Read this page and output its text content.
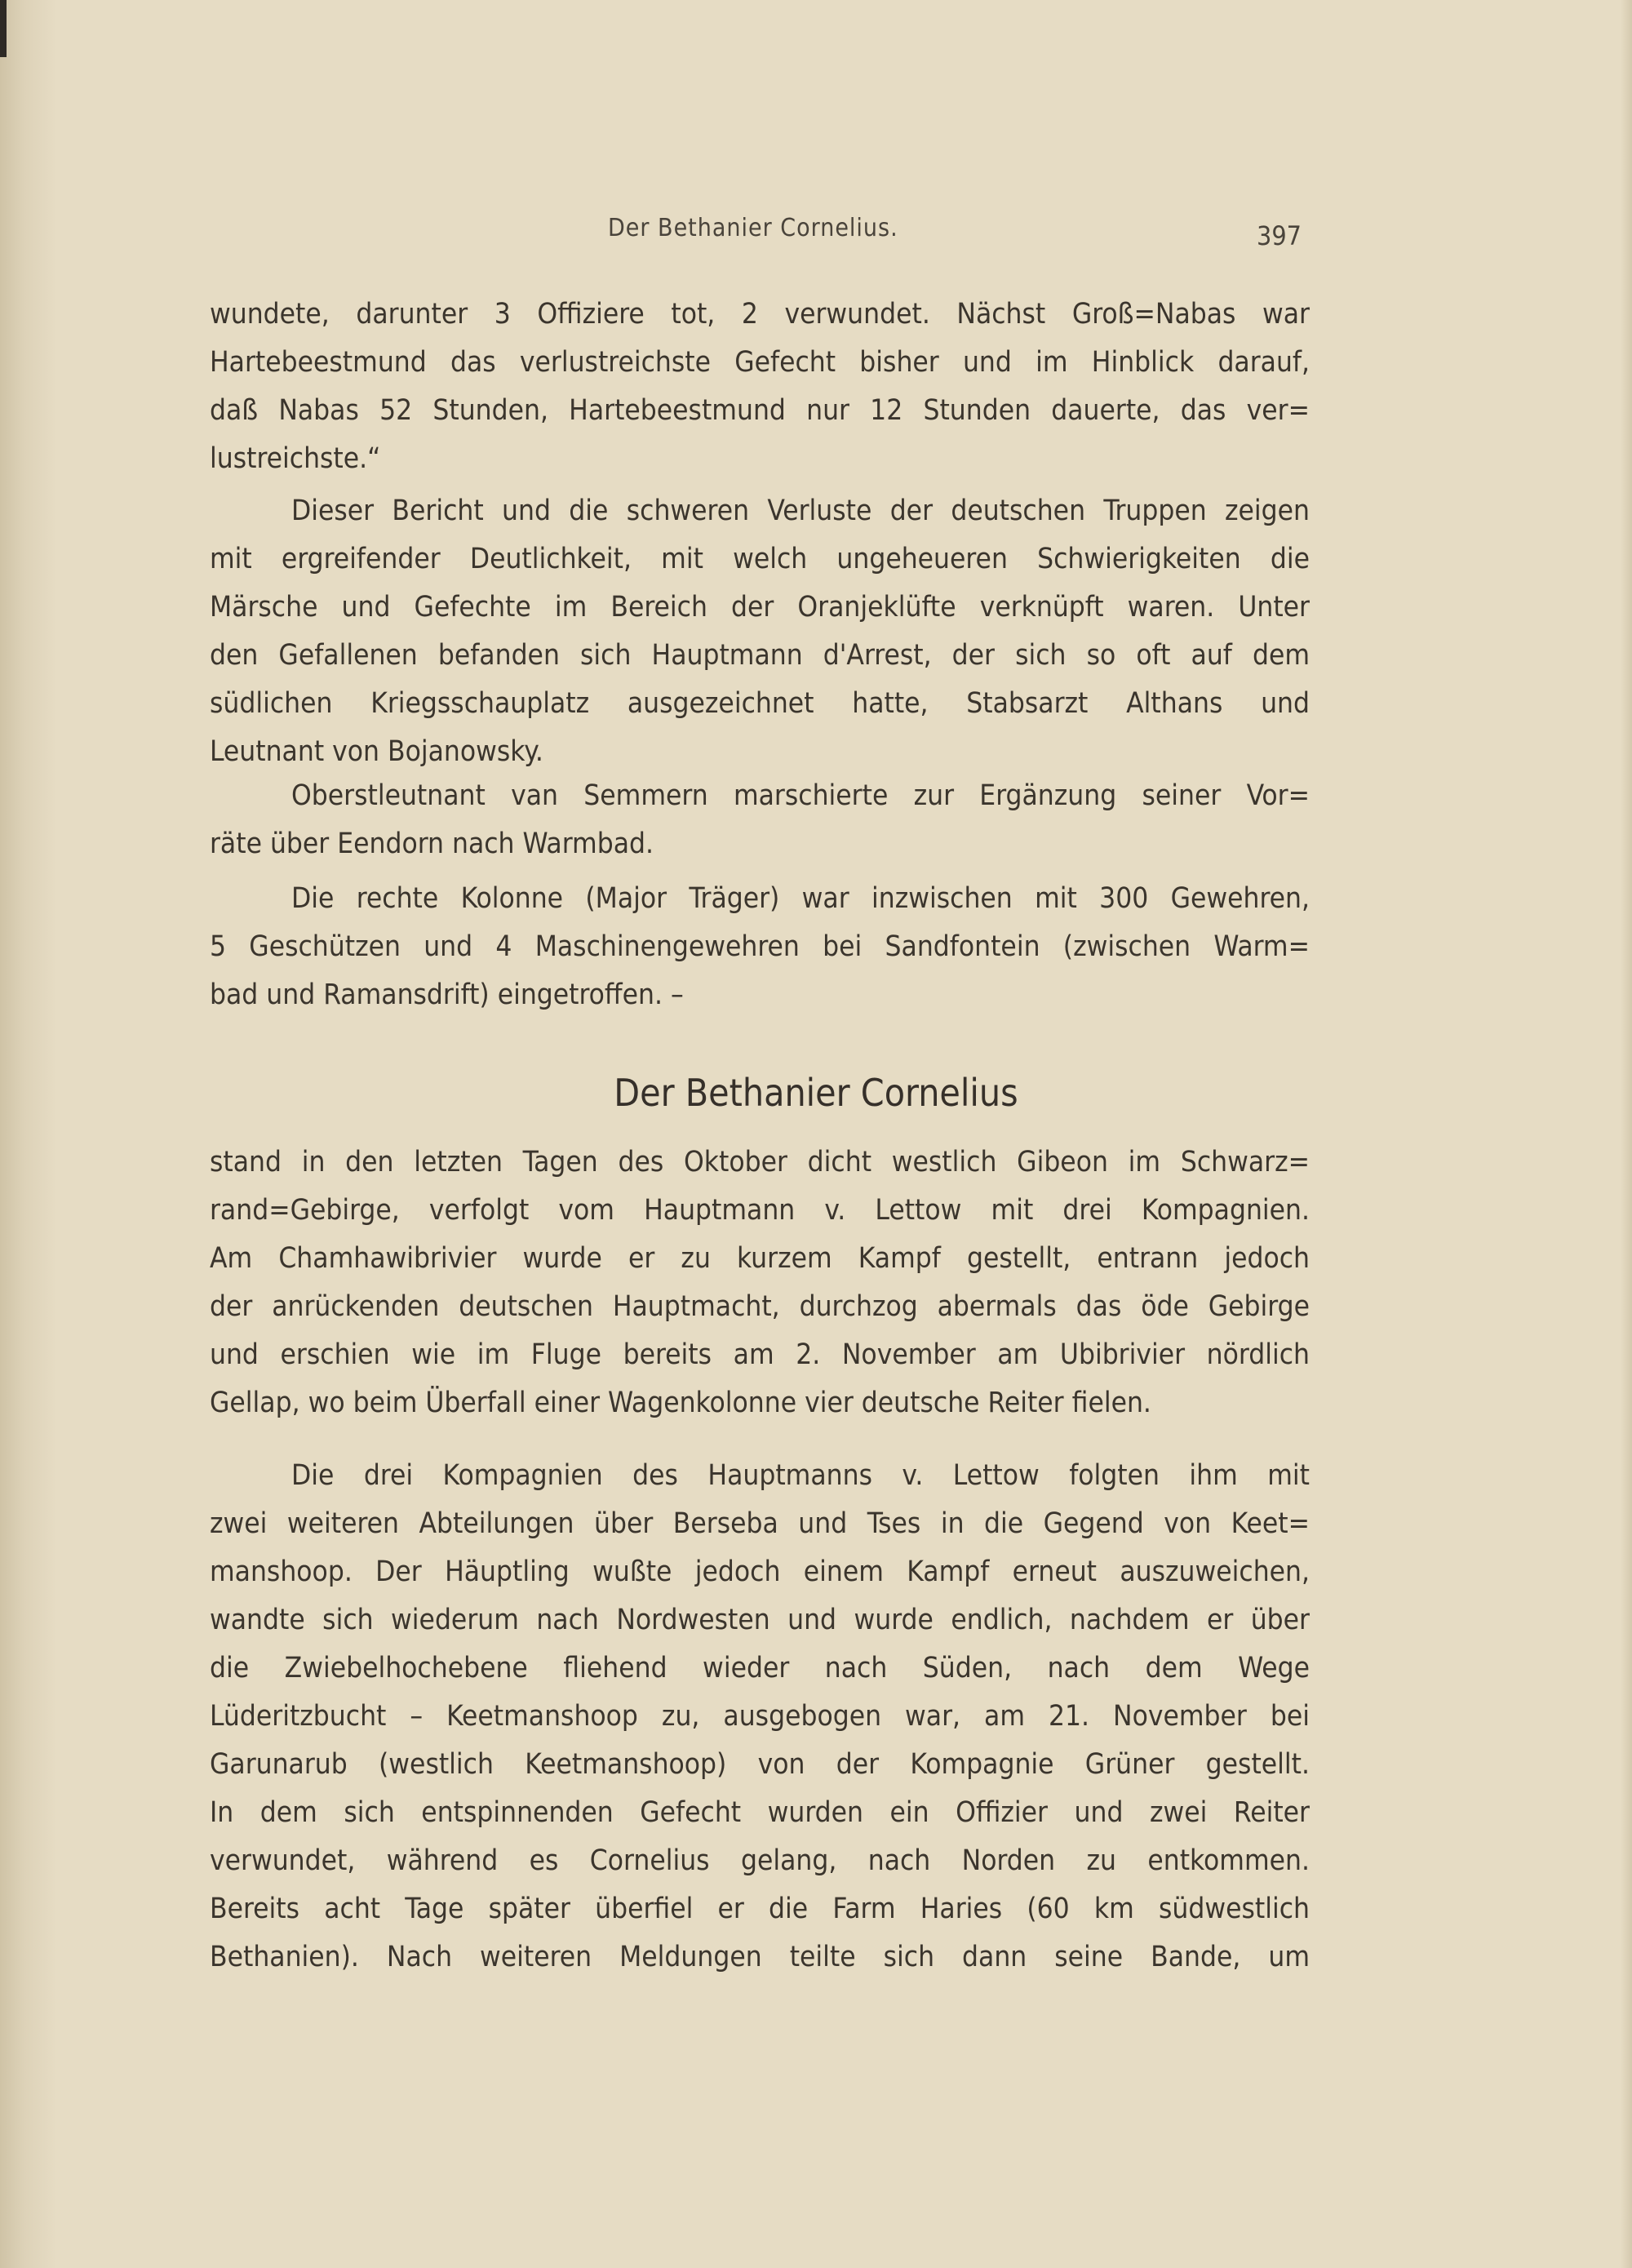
Der Bethanier Cornelius.	397
wundete, darunter 3 Offiziere tot, 2 verwundet. Nächst Groß=Nabas war
Hartebeestmund das verlustreichste Gefecht bisher und im Hinblick darauf,
daß Nabas 52 Stunden, Hartebeestmund nur 12 Stunden dauerte, das ver=
lustreichste.“
Dieser Bericht und die schweren Verluste der deutschen Truppen zeigen
mit ergreifender Deutlichkeit, mit welch ungeheueren Schwierigkeiten die
Märsche und Gefechte im Bereich der Oranjeklüfte verknüpft waren. Unter
den Gefallenen befanden sich Hauptmann d'Arrest, der sich so oft auf dem
südlichen Kriegsschauplatz ausgezeichnet hatte, Stabsarzt Althans und
Leutnant von Bojanowsky.
Oberstleutnant van Semmern marschierte zur Ergänzung seiner Vor=
räte über Eendorn nach Warmbad.
Die rechte Kolonne (Major Träger) war inzwischen mit 300 Gewehren,
5 Geschützen und 4 Maschinengewehren bei Sandfontein (zwischen Warm=
bad und Ramansdrift) eingetroffen. –
Der Bethanier Cornelius
stand in den letzten Tagen des Oktober dicht westlich Gibeon im Schwarz=
rand=Gebirge, verfolgt vom Hauptmann v. Lettow mit drei Kompagnien.
Am Chamhawibrivier wurde er zu kurzem Kampf gestellt, entrann jedoch
der anrückenden deutschen Hauptmacht, durchzog abermals das öde Gebirge
und erschien wie im Fluge bereits am 2. November am Ubibrivier nördlich
Gellap, wo beim Überfall einer Wagenkolonne vier deutsche Reiter fielen.
Die drei Kompagnien des Hauptmanns v. Lettow folgten ihm mit
zwei weiteren Abteilungen über Berseba und Tses in die Gegend von Keet=
manshoop. Der Häuptling wußte jedoch einem Kampf erneut auszuweichen,
wandte sich wiederum nach Nordwesten und wurde endlich, nachdem er über
die Zwiebelhochebene fliehend wieder nach Süden, nach dem Wege
Lüderitzbucht – Keetmanshoop zu, ausgebogen war, am 21. November bei
Garunarub (westlich Keetmanshoop) von der Kompagnie Grüner gestellt.
In dem sich entspinnenden Gefecht wurden ein Offizier und zwei Reiter
verwundet, während es Cornelius gelang, nach Norden zu entkommen.
Bereits acht Tage später überfiel er die Farm Haries (60 km südwestlich
Bethanien). Nach weiteren Meldungen teilte sich dann seine Bande, um
